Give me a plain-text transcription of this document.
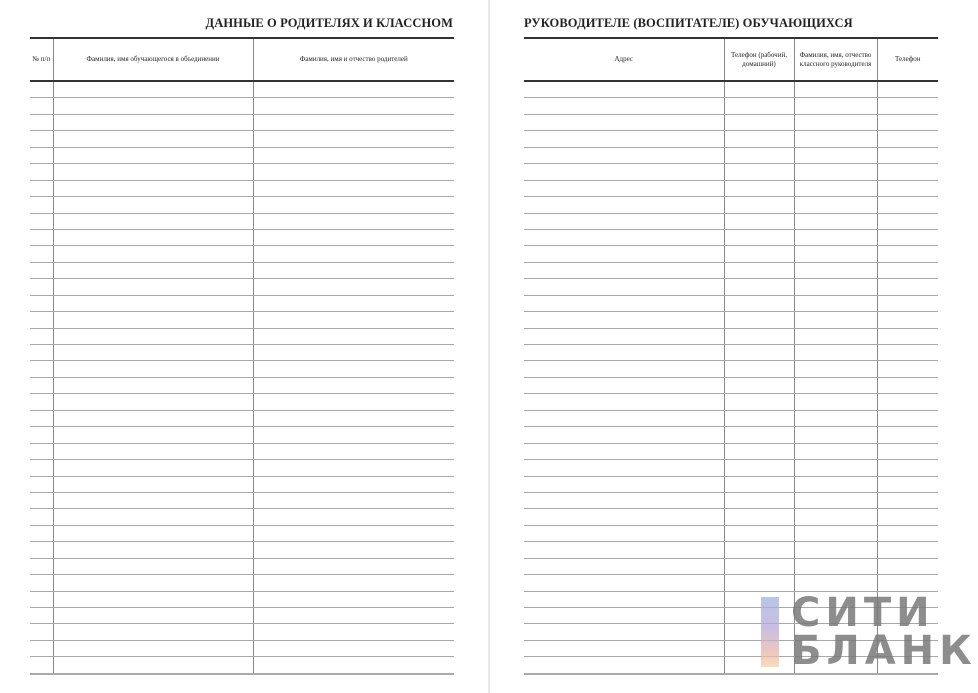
ДАННЫЕ О РОДИТЕЛЯХ И КЛАССНОМ
№ п/п	Фамилия, имя обучающегося в объединении	Фамилия, имя и отчество родителей

РУКОВОДИТЕЛЕ (ВОСПИТАТЕЛЕ) ОБУЧАЮЩИХСЯ
Адрес	Телефон (рабочий, домашний)	Фамилия, имя, отчество классного руководителя	Телефон

СИТИ
БЛАНК
